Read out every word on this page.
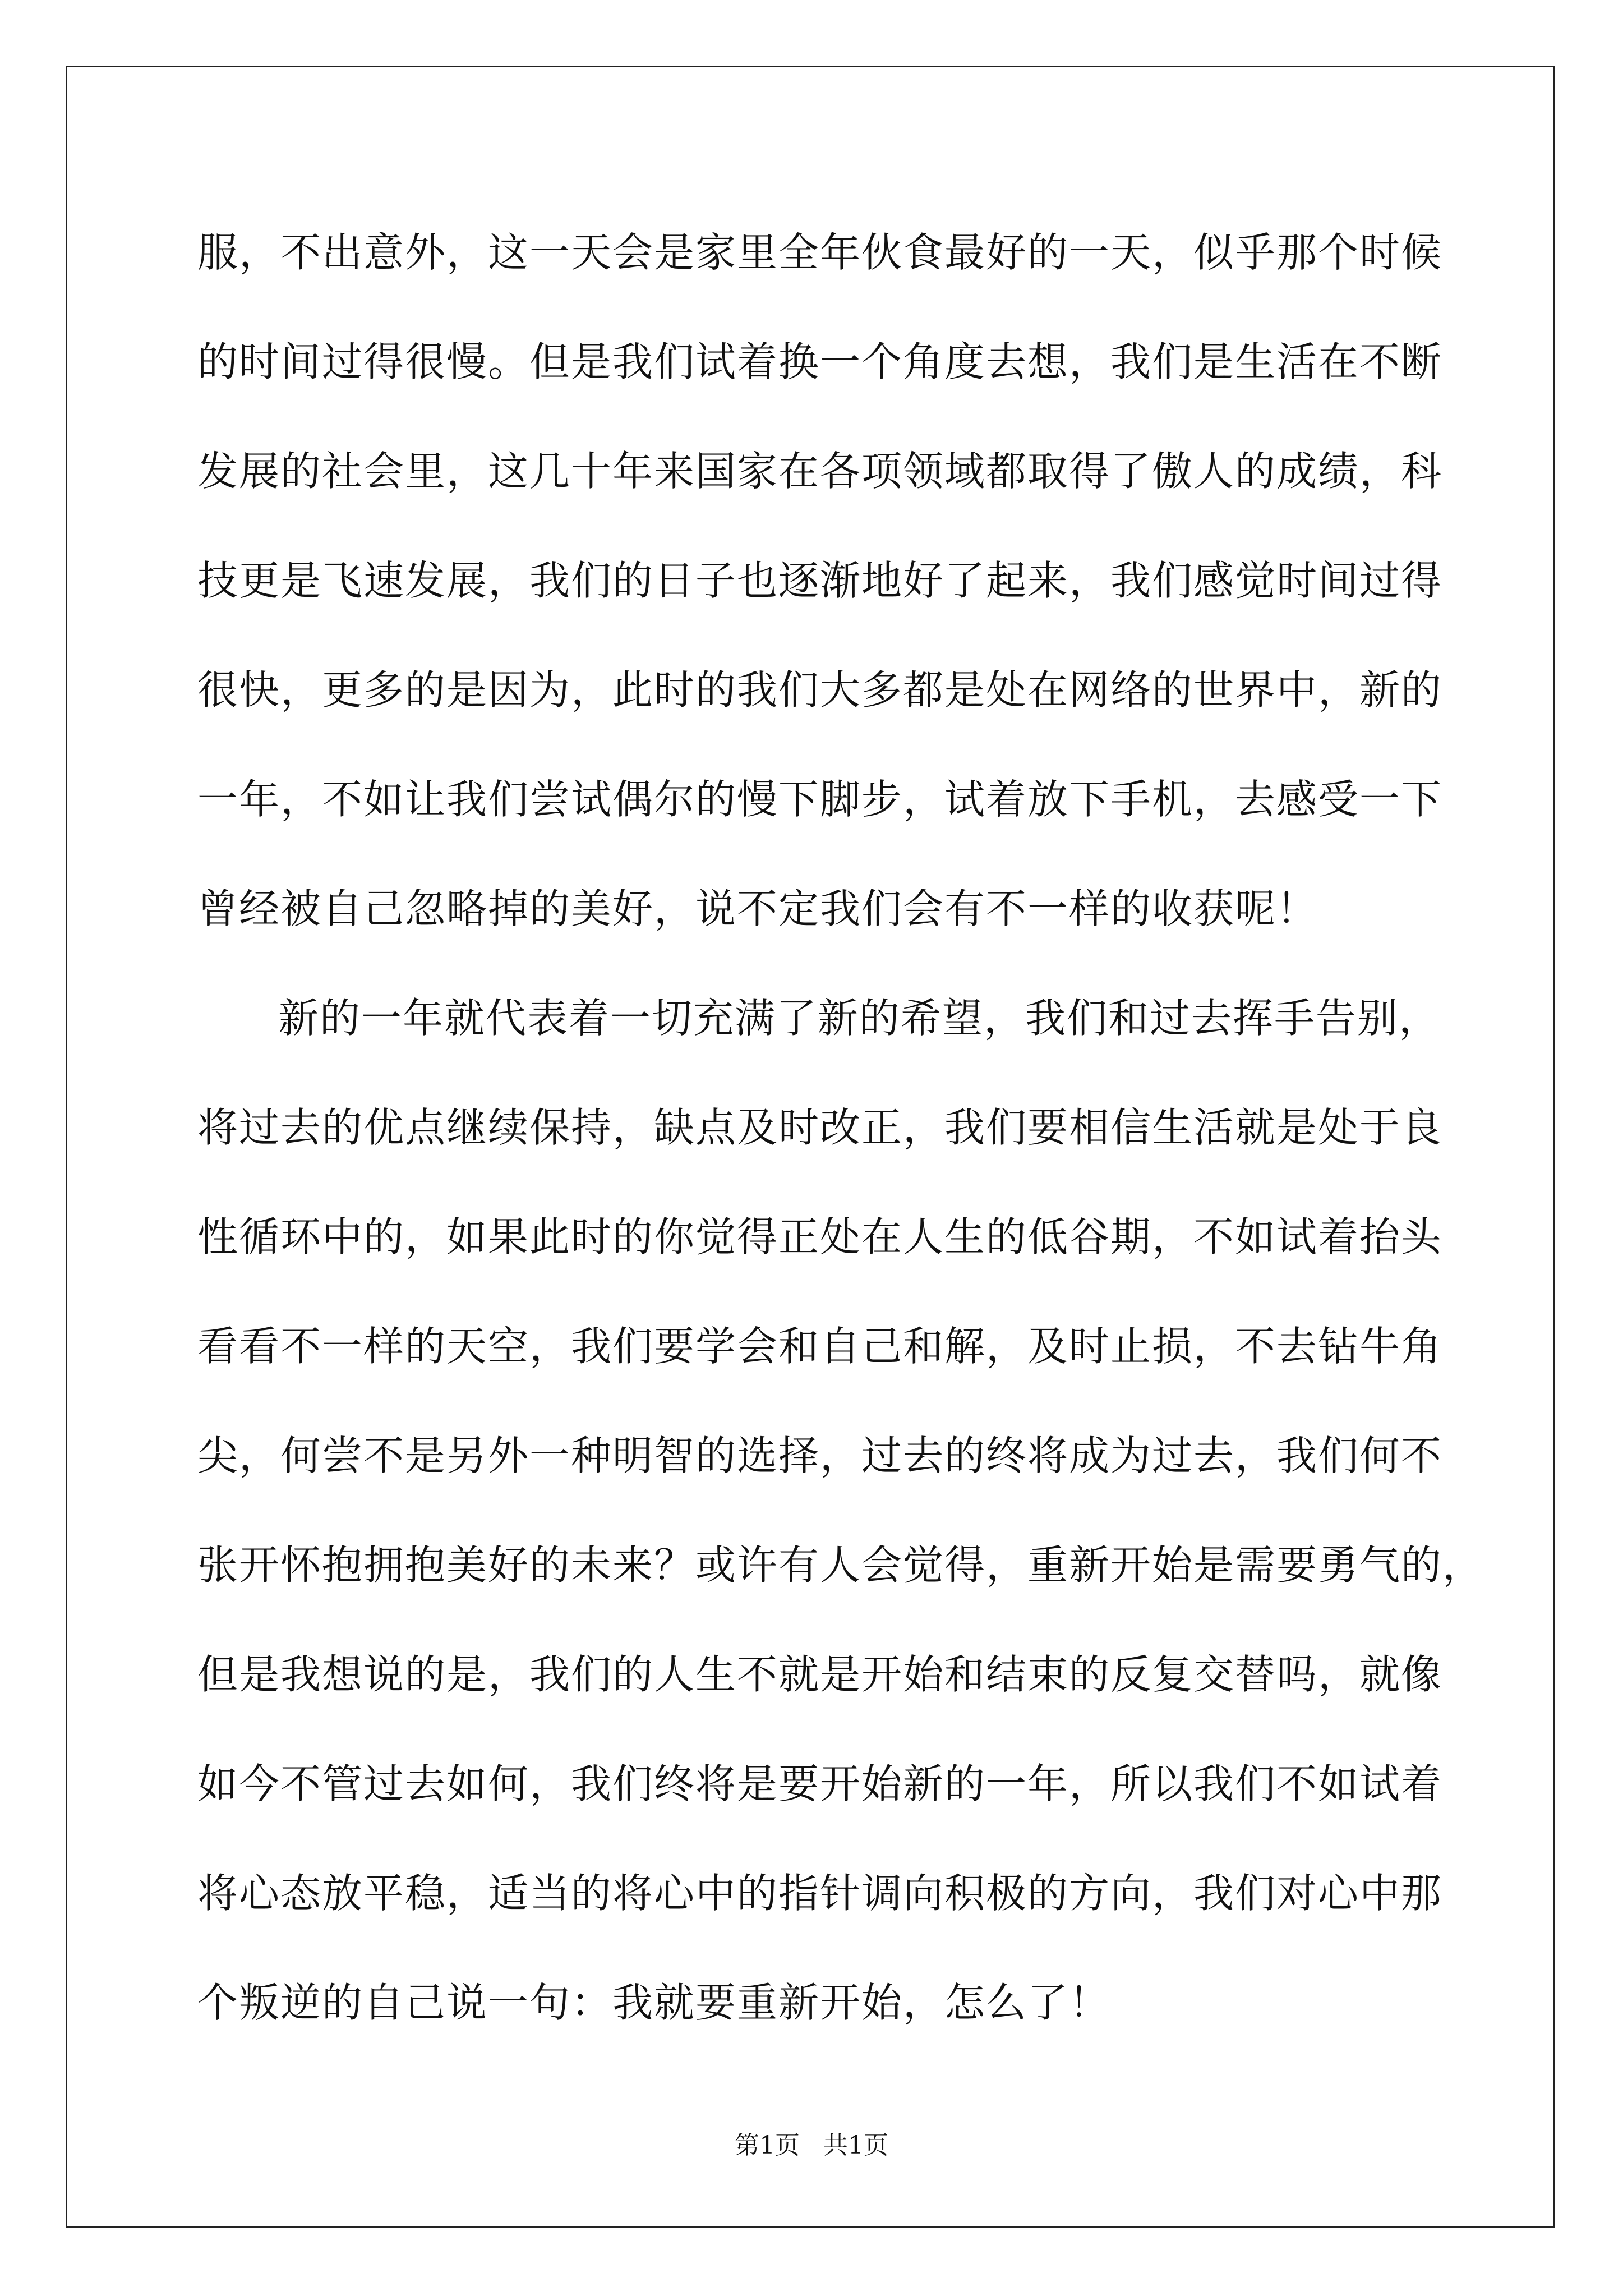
服，不出意外，这一天会是家里全年伙食最好的一天，似乎那个时候
的时间过得很慢。但是我们试着换一个角度去想，我们是生活在不断
发展的社会里，这几十年来国家在各项领域都取得了傲人的成绩，科
技更是飞速发展，我们的日子也逐渐地好了起来，我们感觉时间过得
很快，更多的是因为，此时的我们大多都是处在网络的世界中，新的
一年，不如让我们尝试偶尔的慢下脚步，试着放下手机，去感受一下
曾经被自己忽略掉的美好，说不定我们会有不一样的收获呢！
新的一年就代表着一切充满了新的希望，我们和过去挥手告别，
将过去的优点继续保持，缺点及时改正，我们要相信生活就是处于良
性循环中的，如果此时的你觉得正处在人生的低谷期，不如试着抬头
看看不一样的天空，我们要学会和自己和解，及时止损，不去钻牛角
尖，何尝不是另外一种明智的选择，过去的终将成为过去，我们何不
张开怀抱拥抱美好的未来？或许有人会觉得，重新开始是需要勇气的，
但是我想说的是，我们的人生不就是开始和结束的反复交替吗，就像
如今不管过去如何，我们终将是要开始新的一年，所以我们不如试着
将心态放平稳，适当的将心中的指针调向积极的方向，我们对心中那
个叛逆的自己说一句：我就要重新开始，怎么了！
第1页 共1页
